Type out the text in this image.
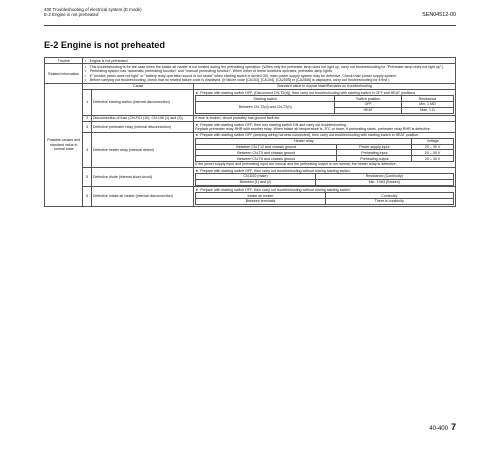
400 Troubleshooting of electrical system (E mode)
E-2 Engine is not preheated	SEN04512-00
E-2 Engine is not preheated
Trouble	
•Engine is not preheated.

Related information	
• This troubleshooting is for the case when the intake air heater is not heated during the preheating operation. (When only the preheater lamp does not light up, carry out troubleshooting for "Preheater lamp does not light up".)
• Preheating system has "automatic preheating function" and "manual preheating function". When either of these functions operates, preheater lamp lights.
• If "monitor panel does not light" or "battery relay operation sound is not heard" when starting switch is turned ON, main power supply system may be defective. Check main power supply system.
• Before carrying out troubleshooting, check that no related failure code is displayed. (If failure code [CA153], [CA154], [CA2555] or [CA2556] is displayed, carry out troubleshooting for it first.)

Possible causes and standard value in normal state	Cause	Standard value in normal state/Remarks on troubleshooting
1	Defective starting switch (internal disconnection)	
★ Prepare with starting switch OFF, (Disconnect CN-T2(d)), then carry out troubleshooting with starting switch in OFF and HEAT positions.
Starting switch	Switch position	Resistance
Between CN-T2(d) and CN-T2(h)	OFF	Min. 1 MΩ
HEAT	Max. 1 Ω

2	Disconnection of fuse (CN-F01 (10), CN-106 (1) and (3))	If fuse is broken, circuit probably has ground fault etc.
3	Defective preheater relay (internal disconnection)	
★ Prepare with starting switch OFF, then turn starting switch ON and carry out troubleshooting.
Replace preheater relay RHR with another relay. When intake air temperature is -5°C or lower, if preheating starts, preheater relay RHR is defective.

4	Defective heater relay (internal defect)	
★ Prepare with starting switch OFF (keeping wiring harness connected), then carry out troubleshooting with starting switch in HEAT position.
Heater relay	Voltage
Between CN-T12 and chassis ground	Power supply input	20 – 30 V
Between CN-T5 and chassis ground	Preheating input	20 – 30 V
Between CN-T6 and chassis ground	Preheating output	20 – 30 V
If the power supply input and preheating input are normal and the preheating output is not normal, the heater relay is defective.

5	Defective diode (internal short circuit)	
★ Prepare with starting switch OFF, then carry out troubleshooting without turning starting switch.
CN-D20 (male)	Resistance (Continuity)
Between (1) and (2)	Min. 1 MΩ (Broken)

6	Defective intake air heater (internal disconnection)	
★ Prepare with starting switch OFF, then carry out troubleshooting without turning starting switch.
Intake air heater	Continuity
Between terminals	There is continuity
40-400 7
